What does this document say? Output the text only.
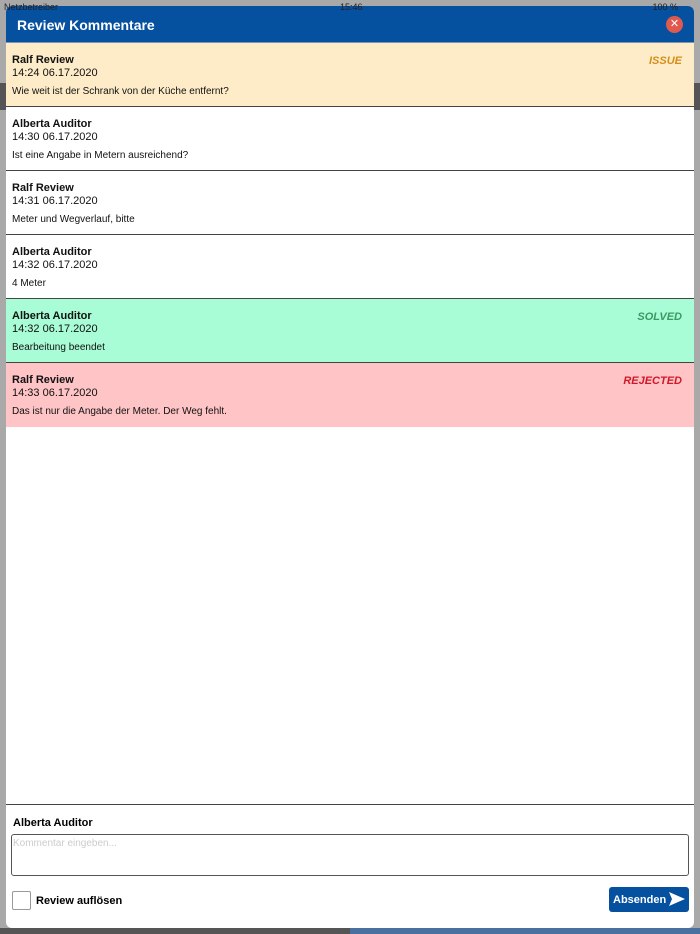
Netzbetreiber	15:46	100 %
Review Kommentare	✕
Ralf Review
14:24 06.17.2020
Wie weit ist der Schrank von der Küche entfernt?
ISSUE
Alberta Auditor
14:30 06.17.2020
Ist eine Angabe in Metern ausreichend?
Ralf Review
14:31 06.17.2020
Meter und Wegverlauf, bitte
Alberta Auditor
14:32 06.17.2020
4 Meter
Alberta Auditor
14:32 06.17.2020
Bearbeitung beendet
SOLVED
Ralf Review
14:33 06.17.2020
Das ist nur die Angabe der Meter. Der Weg fehlt.
REJECTED
Alberta Auditor
Kommentar eingeben...
Review auflösen	Absenden
